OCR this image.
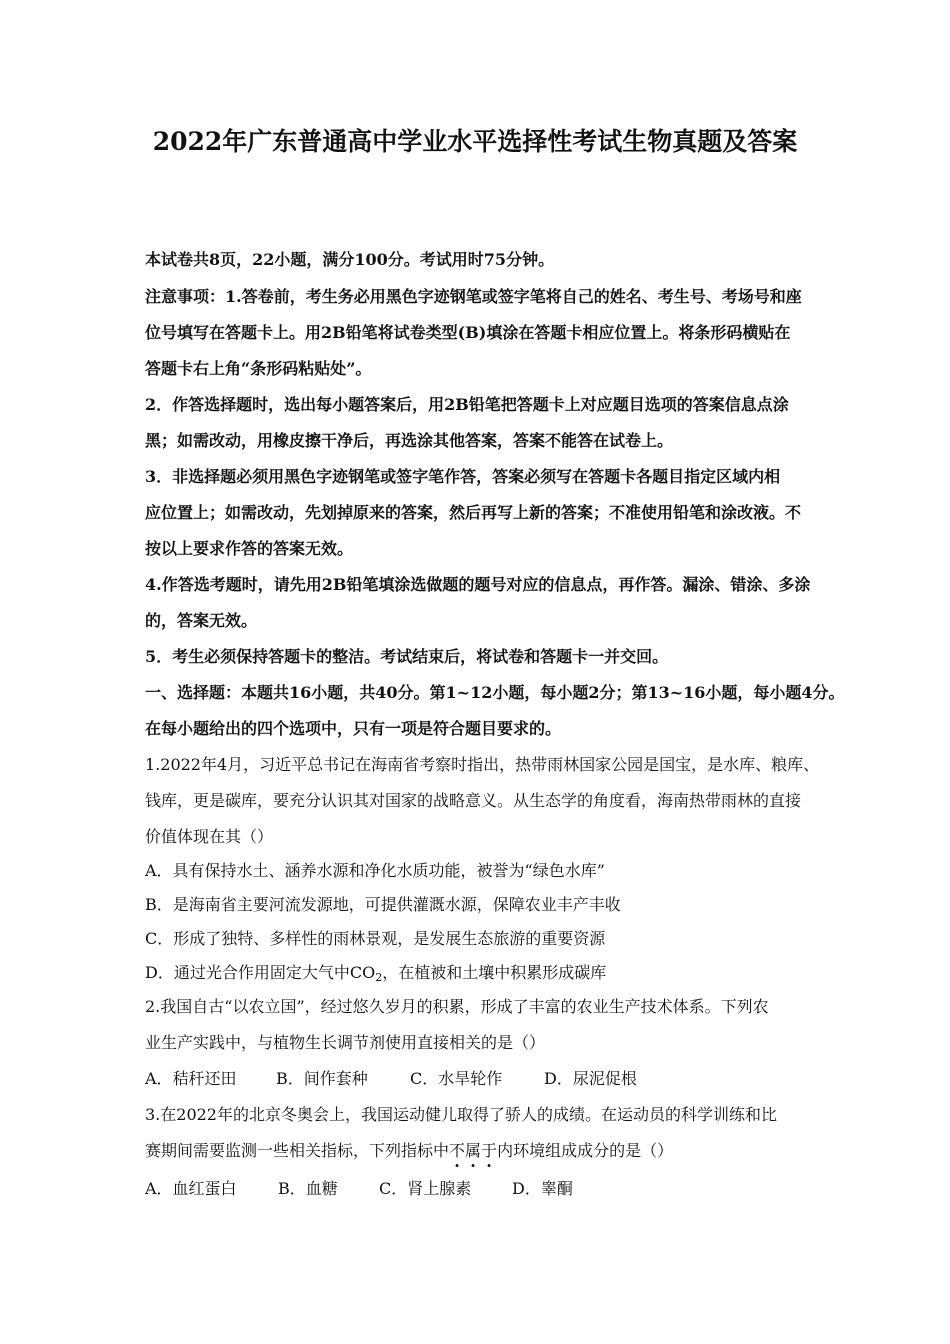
2022年广东普通高中学业水平选择性考试生物真题及答案
本试卷共8页，22小题，满分100分。考试用时75分钟。
注意事项：1.答卷前，考生务必用黑色字迹钢笔或签字笔将自己的姓名、考生号、考场号和座
位号填写在答题卡上。用2B铅笔将试卷类型(B)填涂在答题卡相应位置上。将条形码横贴在
答题卡右上角“条形码粘贴处”。
2．作答选择题时，选出每小题答案后，用2B铅笔把答题卡上对应题目选项的答案信息点涂
黑；如需改动，用橡皮擦干净后，再选涂其他答案，答案不能答在试卷上。
3．非选择题必须用黑色字迹钢笔或签字笔作答，答案必须写在答题卡各题目指定区域内相
应位置上；如需改动，先划掉原来的答案，然后再写上新的答案；不准使用铅笔和涂改液。不
按以上要求作答的答案无效。
4.作答选考题时，请先用2B铅笔填涂选做题的题号对应的信息点，再作答。漏涂、错涂、多涂
的，答案无效。
5．考生必须保持答题卡的整洁。考试结束后，将试卷和答题卡一并交回。
一、选择题：本题共16小题，共40分。第1~12小题，每小题2分；第13~16小题，每小题4分。
在每小题给出的四个选项中，只有一项是符合题目要求的。
1.2022年4月，习近平总书记在海南省考察时指出，热带雨林国家公园是国宝，是水库、粮库、
钱库，更是碳库，要充分认识其对国家的战略意义。从生态学的角度看，海南热带雨林的直接
价值体现在其（）
A．具有保持水土、涵养水源和净化水质功能，被誉为“绿色水库”
B．是海南省主要河流发源地，可提供灌溉水源，保障农业丰产丰收
C．形成了独特、多样性的雨林景观，是发展生态旅游的重要资源
D．通过光合作用固定大气中$CO_2$，在植被和土壤中积累形成碳库
2.我国自古“以农立国”，经过悠久岁月的积累，形成了丰富的农业生产技术体系。下列农
业生产实践中，与植物生长调节剂使用直接相关的是（）
A．秸秆还田 B．间作套种	C．水旱轮作	D．尿泥促根
3.在2022年的北京冬奥会上，我国运动健儿取得了骄人的成绩。在运动员的科学训练和比
赛期间需要监测一些相关指标，下列指标中不属于内环境组成成分的是（）
A．血红蛋白	B．血糖	C．肾上腺素	D．睾酮
